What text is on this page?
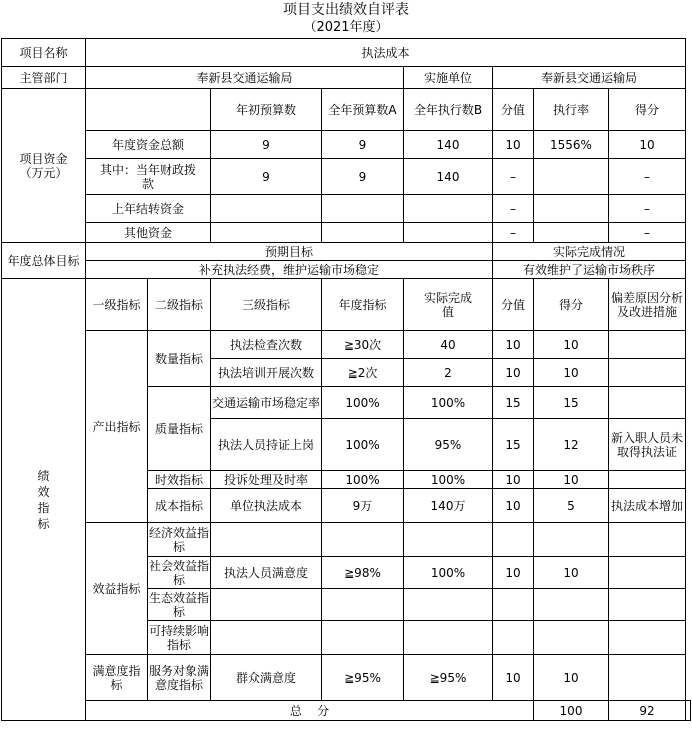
项目支出绩效自评表
（2021年度）
项目名称	执法成本								
主管部门	奉新县交通运输局				实施单位	奉新县交通运输局			
项目资金（万元）			年初预算数	全年预算数A	全年执行数B	分值	执行率	得分	
	年度资金总额		9	9	140	10	1556%	10	
	其中：当年财政拨款		9	9	140	–		–	
	上年结转资金					–		–	
	其他资金					–		–	
年度总体目标	预期目标					实际完成情况			
	补充执法经费，维护运输市场稳定					有效维护了运输市场秩序			
绩效指标	一级指标	二级指标	三级指标	年度指标	实际完成值	分值	得分	偏差原因分析及改进措施	
	产出指标	数量指标	执法检查次数	≧30次	40	10	10		
			执法培训开展次数	≧2次	2	10	10		
		质量指标	交通运输市场稳定率	100%	100%	15	15		
			执法人员持证上岗	100%	95%	15	12	新入职人员未取得执法证	
		时效指标	投诉处理及时率	100%	100%	10	10		
		成本指标	单位执法成本	9万	140万	10	5	执法成本增加	
	效益指标	经济效益指标							
		社会效益指标	执法人员满意度	≧98%	100%	10	10		
		生态效益指标							
		可持续影响指标							
	满意度指标	服务对象满意度指标	群众满意度	≧95%	≧95%	10	10		
	总    分						100	92	
